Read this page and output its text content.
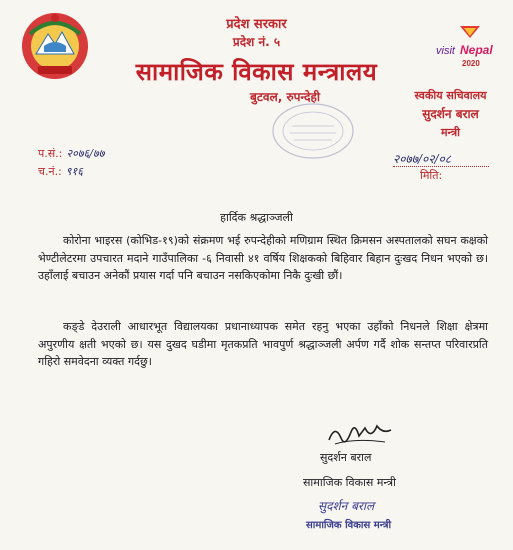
visit Nepal
2020
प्रदेश सरकार
प्रदेश नं. ५
सामाजिक विकास मन्त्रालय
बुटवल, रुपन्देही	स्वकीय सचिवालय
सुदर्शन बराल
मन्त्री
प.सं.: २०७६/७७
च.नं.: ९१६
२०७७/०२/०८
मिति:
हार्दिक श्रद्धाञ्जली
कोरोना भाइरस (कोभिड-१९)को संक्रमण भई रुपन्देहीको मणिग्राम स्थित क्रिमसन अस्पतालको सघन कक्षको भेण्टीलेटरमा उपचारत मदाने गाउँपालिका -६ निवासी ४१ वर्षिय शिक्षकको बिहिवार बिहान दुःखद निधन भएको छ। उहाँलाई बचाउन अनेकौं प्रयास गर्दा पनि बचाउन नसकिएकोमा निकै दुःखी छौं।
कङ्डे देउराली आधारभूत विद्यालयका प्रधानाध्यापक समेत रहनु भएका उहाँको निधनले शिक्षा क्षेत्रमा अपुरणीय क्षती भएको छ। यस दुखद घडीमा मृतकप्रति भावपुर्ण श्रद्धाञ्जली अर्पण गर्दै शोक सन्तप्त परिवारप्रति गहिरो समवेदना व्यक्त गर्दछु।
सुदर्शन बराल
सामाजिक विकास मन्त्री
सुदर्शन बराल
सामाजिक विकास मन्त्री
